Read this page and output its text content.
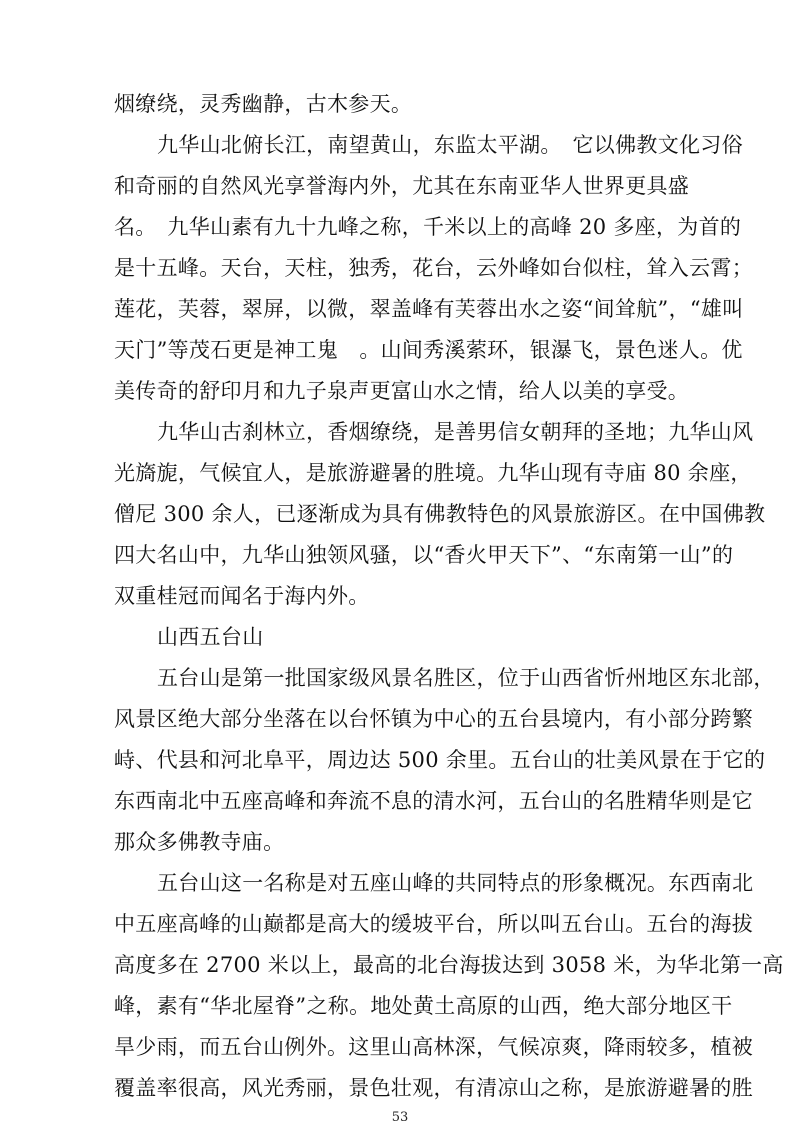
烟缭绕，灵秀幽静，古木参天。
九华山北俯长江，南望黄山，东监太平湖。　它以佛教文化习俗
和奇丽的自然风光享誉海内外，尤其在东南亚华人世界更具盛
名。　九华山素有九十九峰之称，千米以上的高峰 20 多座，为首的
是十五峰。天台，天柱，独秀，花台，云外峰如台似柱，耸入云霄；
莲花，芙蓉，翠屏，以微，翠盖峰有芙蓉出水之姿“间耸航”，“雄叫
天门”等茂石更是神工鬼　。山间秀溪萦环，银瀑飞，景色迷人。优
美传奇的舒印月和九子泉声更富山水之情，给人以美的享受。
九华山古刹林立，香烟缭绕，是善男信女朝拜的圣地；九华山风
光旖旎，气候宜人，是旅游避暑的胜境。九华山现有寺庙 80 余座，
僧尼 300 余人，已逐渐成为具有佛教特色的风景旅游区。在中国佛教
四大名山中，九华山独领风骚，以“香火甲天下”、“东南第一山”的
双重桂冠而闻名于海内外。
山西五台山
五台山是第一批国家级风景名胜区，位于山西省忻州地区东北部，
风景区绝大部分坐落在以台怀镇为中心的五台县境内，有小部分跨繁
峙、代县和河北阜平，周边达 500 余里。五台山的壮美风景在于它的
东西南北中五座高峰和奔流不息的清水河，五台山的名胜精华则是它
那众多佛教寺庙。
五台山这一名称是对五座山峰的共同特点的形象概况。东西南北
中五座高峰的山巅都是高大的缓坡平台，所以叫五台山。五台的海拔
高度多在 2700 米以上，最高的北台海拔达到 3058 米，为华北第一高
峰，素有“华北屋脊”之称。地处黄土高原的山西，绝大部分地区干
旱少雨，而五台山例外。这里山高林深，气候凉爽，降雨较多，植被
覆盖率很高，风光秀丽，景色壮观，有清凉山之称，是旅游避暑的胜
53
